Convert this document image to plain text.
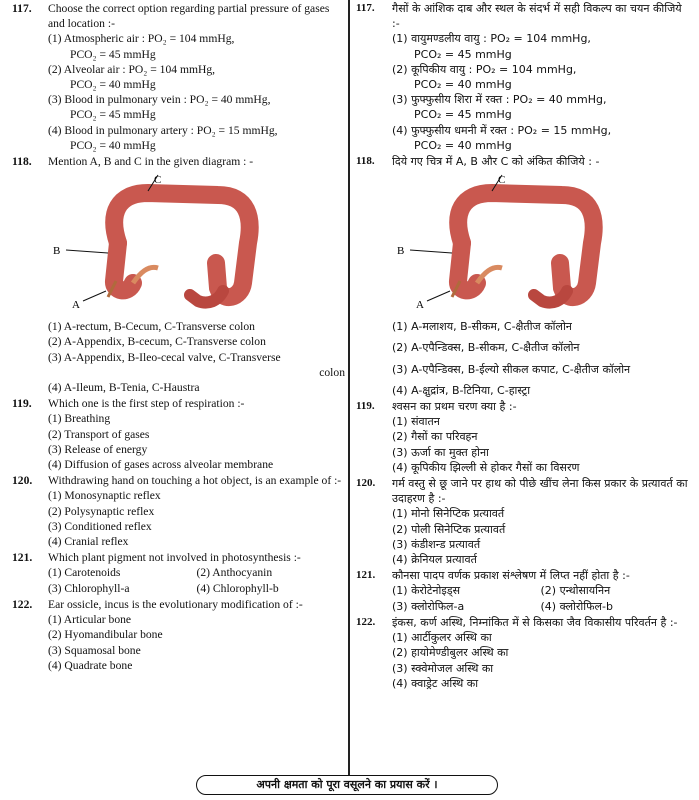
117.	Choose the correct option regarding partial pressure of gases and location :-
(1) Atmospheric air : PO₂ = 104 mmHg,
PCO₂ = 45 mmHg
(2) Alveolar air : PO₂ = 104 mmHg,
PCO₂ = 40 mmHg
(3) Blood in pulmonary vein : PO₂ = 40 mmHg,
PCO₂ = 45 mmHg
(4) Blood in pulmonary artery : PO₂ = 15 mmHg,
PCO₂ = 40 mmHg
118.	Mention A, B and C in the given diagram : -
C
B
A
(1) A-rectum, B-Cecum, C-Transverse colon
(2) A-Appendix, B-cecum, C-Transverse colon
(3) A-Appendix, B-Ileo-cecal valve, C-Transverse
colon
(4) A-Ileum, B-Tenia, C-Haustra
119.	Which one is the first step of respiration :-
(1) Breathing
(2) Transport of gases
(3) Release of energy
(4) Diffusion of gases across alveolar membrane
120.	Withdrawing hand on touching a hot object, is an example of :-
(1) Monosynaptic reflex
(2) Polysynaptic reflex
(3) Conditioned reflex
(4) Cranial reflex
121.	Which plant pigment not involved in photosynthesis :-
(1) Carotenoids	(2) Anthocyanin
(3) Chlorophyll-a	(4) Chlorophyll-b
122.	Ear ossicle, incus is the evolutionary modification of :-
(1) Articular bone
(2) Hyomandibular bone
(3) Squamosal bone
(4) Quadrate bone
117.	गैसों के आंशिक दाब और स्थल के संदर्भ में सही विकल्प का चयन कीजिये :-
(1) वायुमण्डलीय वायु : PO₂ = 104 mmHg,
PCO₂ = 45 mmHg
(2) कूपिकीय वायु : PO₂ = 104 mmHg,
PCO₂ = 40 mmHg
(3) फुफ्फुसीय शिरा में रक्त : PO₂ = 40 mmHg,
PCO₂ = 45 mmHg
(4) फुफ्फुसीय धमनी में रक्त : PO₂ = 15 mmHg,
PCO₂ = 40 mmHg
118.	दिये गए चित्र में A, B और C को अंकित कीजिये : -
C
B
A
(1) A-मलाशय, B-सीकम, C-क्षैतीज कॉलोन
(2) A-एपैन्डिक्स, B-सीकम, C-क्षैतीज कॉलोन
(3) A-एपैन्डिक्स, B-ईल्यो सीकल कपाट, C-क्षैतीज कॉलोन
(4) A-क्षुद्रांत्र, B-टिनिया, C-हास्ट्रा
119.	श्वसन का प्रथम चरण क्या है :-
(1) संवातन
(2) गैसों का परिवहन
(3) ऊर्जा का मुक्त होना
(4) कूपिकीय झिल्ली से होकर गैसों का विसरण
120.	गर्म वस्तु से छू जाने पर हाथ को पीछे खींच लेना किस प्रकार के प्रत्यावर्त का उदाहरण है :-
(1) मोनो सिनेप्टिक प्रत्यावर्त
(2) पोली सिनेप्टिक प्रत्यावर्त
(3) कंडीशन्ड प्रत्यावर्त
(4) क्रेनियल प्रत्यावर्त
121.	कौनसा पादप वर्णक प्रकाश संश्लेषण में लिप्त नहीं होता है :-
(1) केरोटेनोइड्स	(2) एन्थोसायनिन
(3) क्लोरोफिल-a	(4) क्लोरोफिल-b
122.	इंकस, कर्ण अस्थि, निम्नांकित में से किसका जैव विकासीय परिवर्तन है :-
(1) आर्टीकुलर अस्थि का
(2) हायोमेण्डीबुलर अस्थि का
(3) स्क्वेमोजल अस्थि का
(4) क्वाड्रेट अस्थि का
अपनी क्षमता को पूरा वसूलने का प्रयास करें ।
